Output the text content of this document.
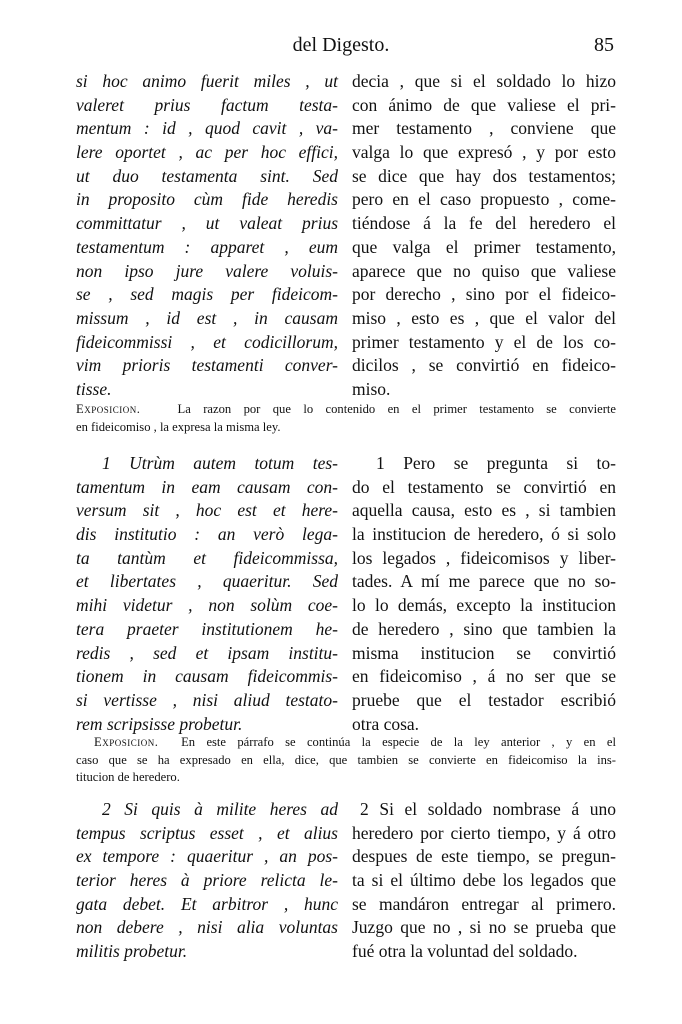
del Digesto.	85
si hoc animo fuerit miles , ut
valeret prius factum testa-
mentum : id , quod cavit , va-
lere oportet , ac per hoc effici,
ut duo testamenta sint. Sed
in proposito cùm fide heredis
committatur , ut valeat prius
testamentum : apparet , eum
non ipso jure valere voluis-
se , sed magis per fideicom-
missum , id est , in causam
fideicommissi , et codicillorum,
vim prioris testamenti conver-
tisse.
decia , que si el soldado lo hizo
con ánimo de que valiese el pri-
mer testamento , conviene que
valga lo que expresó , y por esto
se dice que hay dos testamentos;
pero en el caso propuesto , come-
tiéndose á la fe del heredero el
que valga el primer testamento,
aparece que no quiso que valiese
por derecho , sino por el fideico-
miso , esto es , que el valor del
primer testamento y el de los co-
dicilos , se convirtió en fideico-
miso.
Exposicion.	La razon por que lo contenido en el primer testamento se convierte
en fideicomiso , la expresa la misma ley.
1 Utrùm autem totum tes-
tamentum in eam causam con-
versum sit , hoc est et here-
dis institutio : an verò lega-
ta tantùm et fideicommissa,
et libertates , quaeritur. Sed
mihi videtur , non solùm coe-
tera praeter institutionem he-
redis , sed et ipsam institu-
tionem in causam fideicommis-
si vertisse , nisi aliud testato-
rem scripsisse probetur.
1 Pero se pregunta si to-
do el testamento se convirtió en
aquella causa, esto es , si tambien
la institucion de heredero, ó si solo
los legados , fideicomisos y liber-
tades. A mí me parece que no so-
lo lo demás, excepto la institucion
de heredero , sino que tambien la
misma institucion se convirtió
en fideicomiso , á no ser que se
pruebe que el testador escribió
otra cosa.
Exposicion. En este párrafo se continúa la especie de la ley anterior , y en el
caso que se ha expresado en ella, dice, que tambien se convierte en fideicomiso la ins-
titucion de heredero.
2 Si quis à milite heres ad
tempus scriptus esset , et alius
ex tempore : quaeritur , an pos-
terior heres à priore relicta le-
gata debet. Et arbitror , hunc
non debere , nisi alia voluntas
militis probetur.
2 Si el soldado nombrase á uno
heredero por cierto tiempo, y á otro
despues de este tiempo, se pregun-
ta si el último debe los legados que
se mandáron entregar al primero.
Juzgo que no , si no se prueba que
fué otra la voluntad del soldado.
